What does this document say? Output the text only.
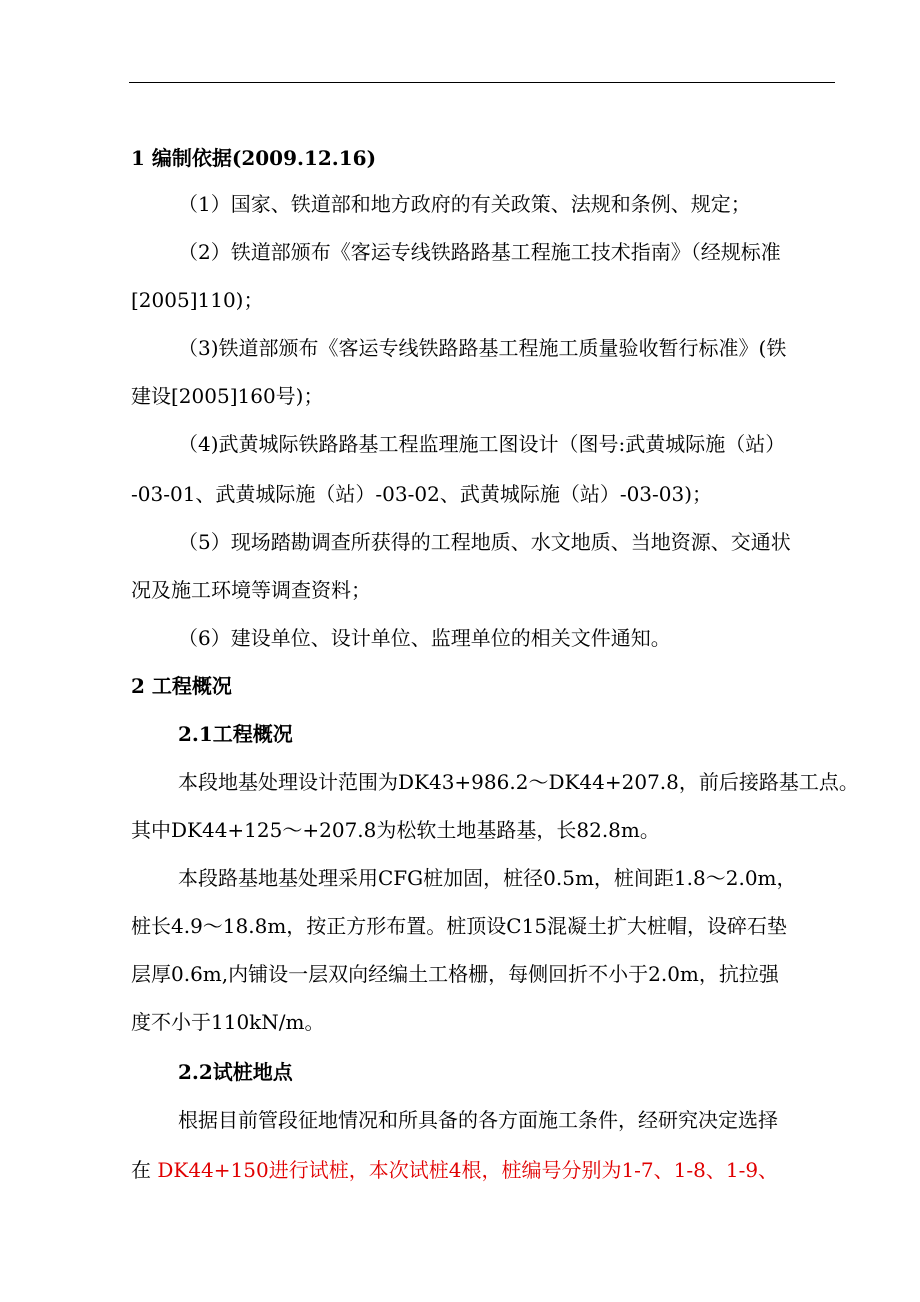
1 编制依据(2009.12.16)
（1）国家、铁道部和地方政府的有关政策、法规和条例、规定；
（2）铁道部颁布《客运专线铁路路基工程施工技术指南》（经规标准
[2005]110)；
（3)铁道部颁布《客运专线铁路路基工程施工质量验收暂行标准》(铁
建设[2005]160号)；
（4)武黄城际铁路路基工程监理施工图设计（图号:武黄城际施（站）
-03-01、武黄城际施（站）-03-02、武黄城际施（站）-03-03)；
（5）现场踏勘调查所获得的工程地质、水文地质、当地资源、交通状
况及施工环境等调查资料；
（6）建设单位、设计单位、监理单位的相关文件通知。
2 工程概况
2.1工程概况
本段地基处理设计范围为DK43+986.2～DK44+207.8，前后接路基工点。
其中DK44+125～+207.8为松软土地基路基，长82.8m。
本段路基地基处理采用CFG桩加固，桩径0.5m，桩间距1.8～2.0m，
桩长4.9～18.8m，按正方形布置。桩顶设C15混凝土扩大桩帽，设碎石垫
层厚0.6m,内铺设一层双向经编土工格栅，每侧回折不小于2.0m，抗拉强
度不小于110kN/m。
2.2试桩地点
根据目前管段征地情况和所具备的各方面施工条件，经研究决定选择
在 DK44+150进行试桩，本次试桩4根，桩编号分别为1-7、1-8、1-9、
